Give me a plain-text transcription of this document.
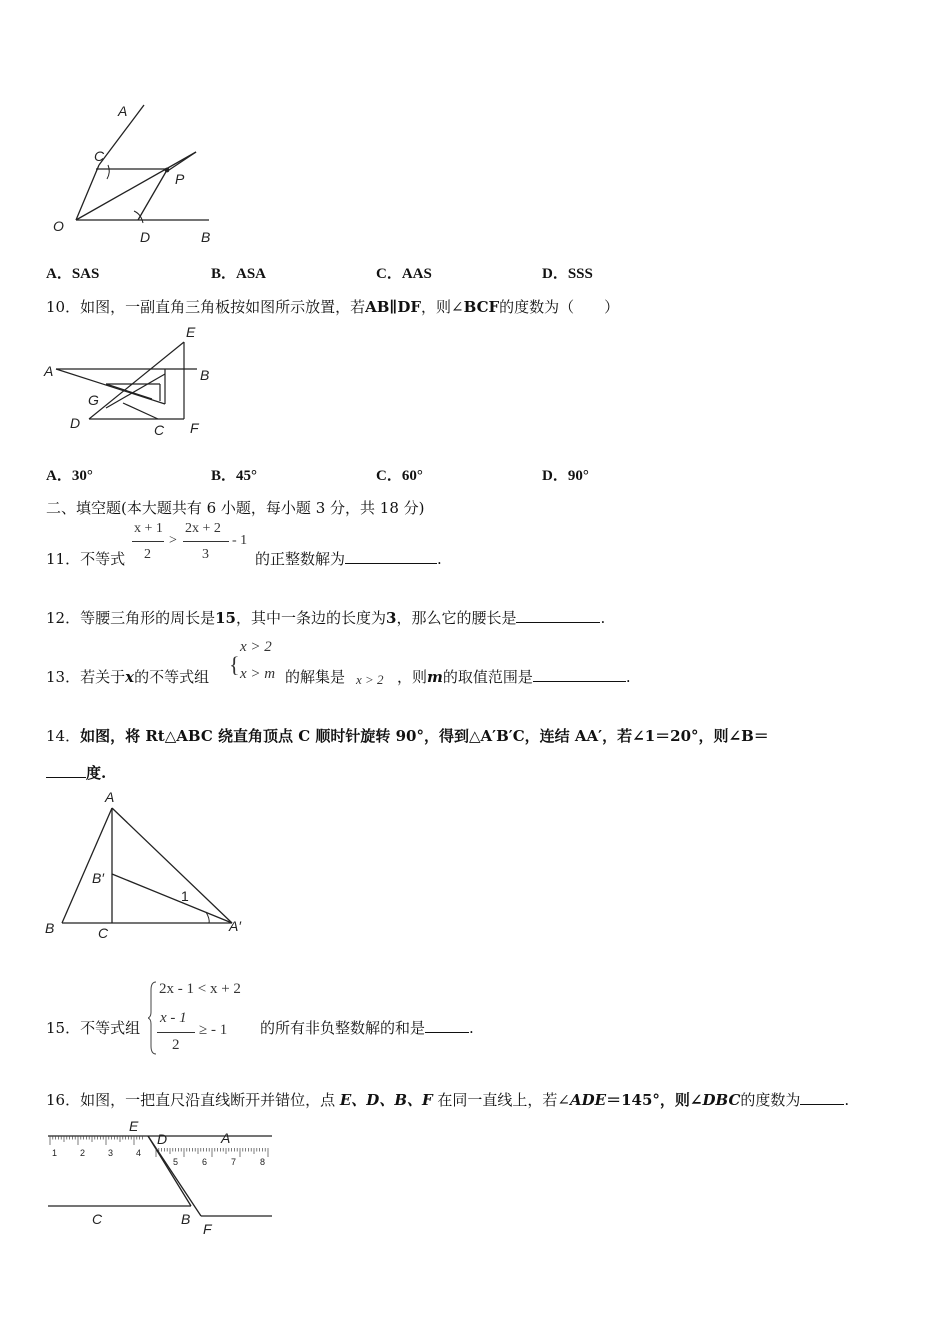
A
C
P
O
D	B
A．SAS	B．ASA	C．AAS	D．SSS
10．如图，一副直角三角板按如图所示放置，若AB∥DF，则∠BCF的度数为（　　）
E
A	B
G
D	C F
A．30°	B．45°	C．60°	D．90°
二、填空题(本大题共有 6 小题，每小题 3 分，共 18 分)
11．不等式
x + 1
2
>
2x + 2
3
- 1
的正整数解为	.
12．等腰三角形的周长是15，其中一条边的长度为3，那么它的腰长是	.
13．若关于x的不等式组 {
x > 2
x > m 的解集是 x > 2 ，则m的取值范围是	.
14．如图，将 Rt△ABC 绕直角顶点 C 顺时针旋转 90°，得到△A′B′C，连结 AA′，若∠1＝20°，则∠B＝
度.
A
B′
1
B	C	A′
15．不等式组
2x - 1 < x + 2
x - 1
2
≥ - 1 的所有非负整数解的和是	.
16．如图，一把直尺沿直线断开并错位，点 E、D、B、F 在同一直线上，若∠ADE＝145°，则∠DBC的度数为	.
1	2	3	4
5	6	7	8
E
D	A
C	B
F
